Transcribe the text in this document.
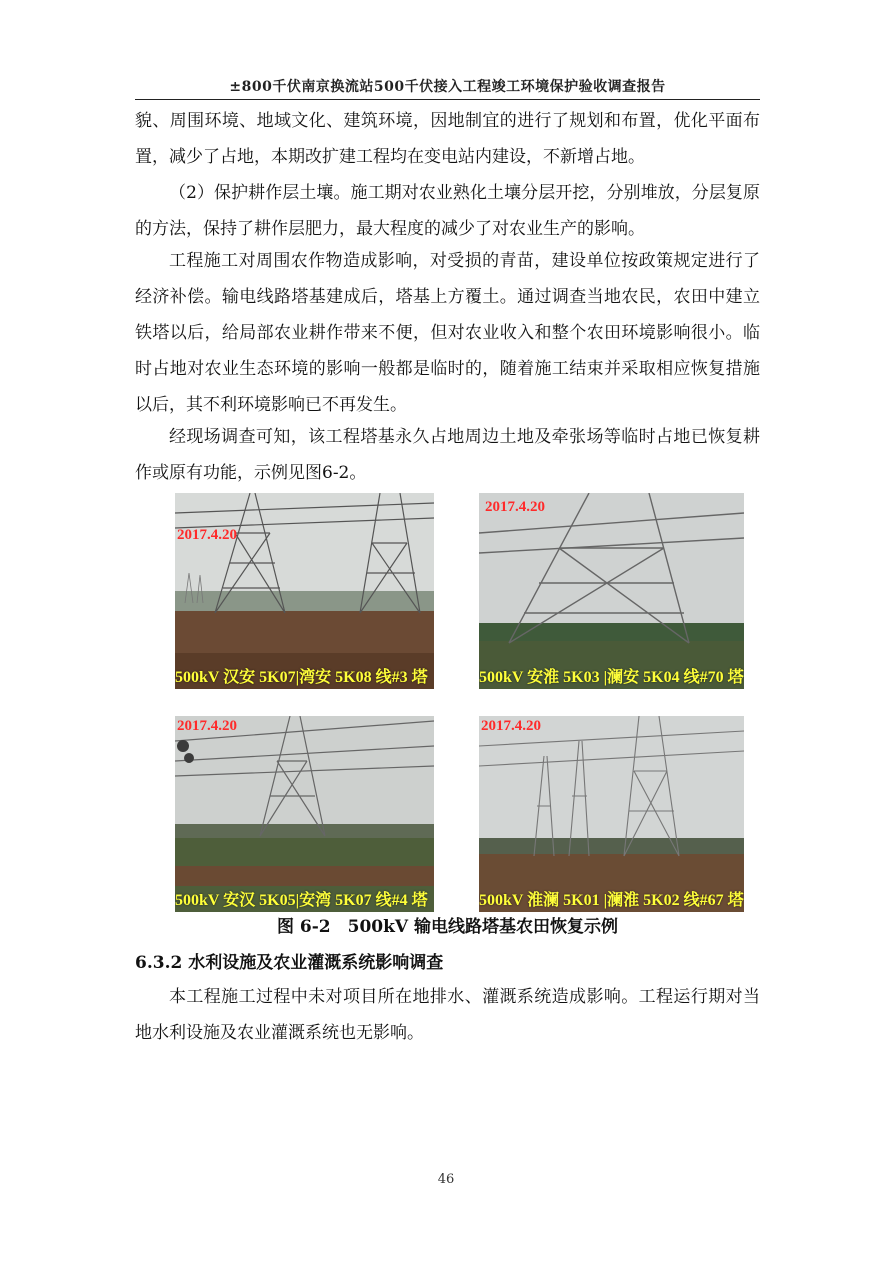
±800千伏南京换流站500千伏接入工程竣工环境保护验收调查报告

貌、周围环境、地域文化、建筑环境，因地制宜的进行了规划和布置，优化平面布置，减少了占地，本期改扩建工程均在变电站内建设，不新增占地。

（2）保护耕作层土壤。施工期对农业熟化土壤分层开挖，分别堆放，分层复原的方法，保持了耕作层肥力，最大程度的减少了对农业生产的影响。

工程施工对周围农作物造成影响，对受损的青苗，建设单位按政策规定进行了经济补偿。输电线路塔基建成后，塔基上方覆土。通过调查当地农民，农田中建立铁塔以后，给局部农业耕作带来不便，但对农业收入和整个农田环境影响很小。临时占地对农业生态环境的影响一般都是临时的，随着施工结束并采取相应恢复措施以后，其不利环境影响已不再发生。

经现场调查可知，该工程塔基永久占地周边土地及牵张场等临时占地已恢复耕作或原有功能，示例见图6-2。

2017.4.20
500kV 汉安 5K07|湾安 5K08 线#3 塔
2017.4.20
500kV 安淮 5K03 |澜安 5K04 线#70 塔
2017.4.20
500kV 安汉 5K05|安湾 5K07 线#4 塔
2017.4.20
500kV 淮澜 5K01 |澜淮 5K02 线#67 塔
图 6-2　500kV 输电线路塔基农田恢复示例
6.3.2 水利设施及农业灌溉系统影响调查

本工程施工过程中未对项目所在地排水、灌溉系统造成影响。工程运行期对当地水利设施及农业灌溉系统也无影响。

46
